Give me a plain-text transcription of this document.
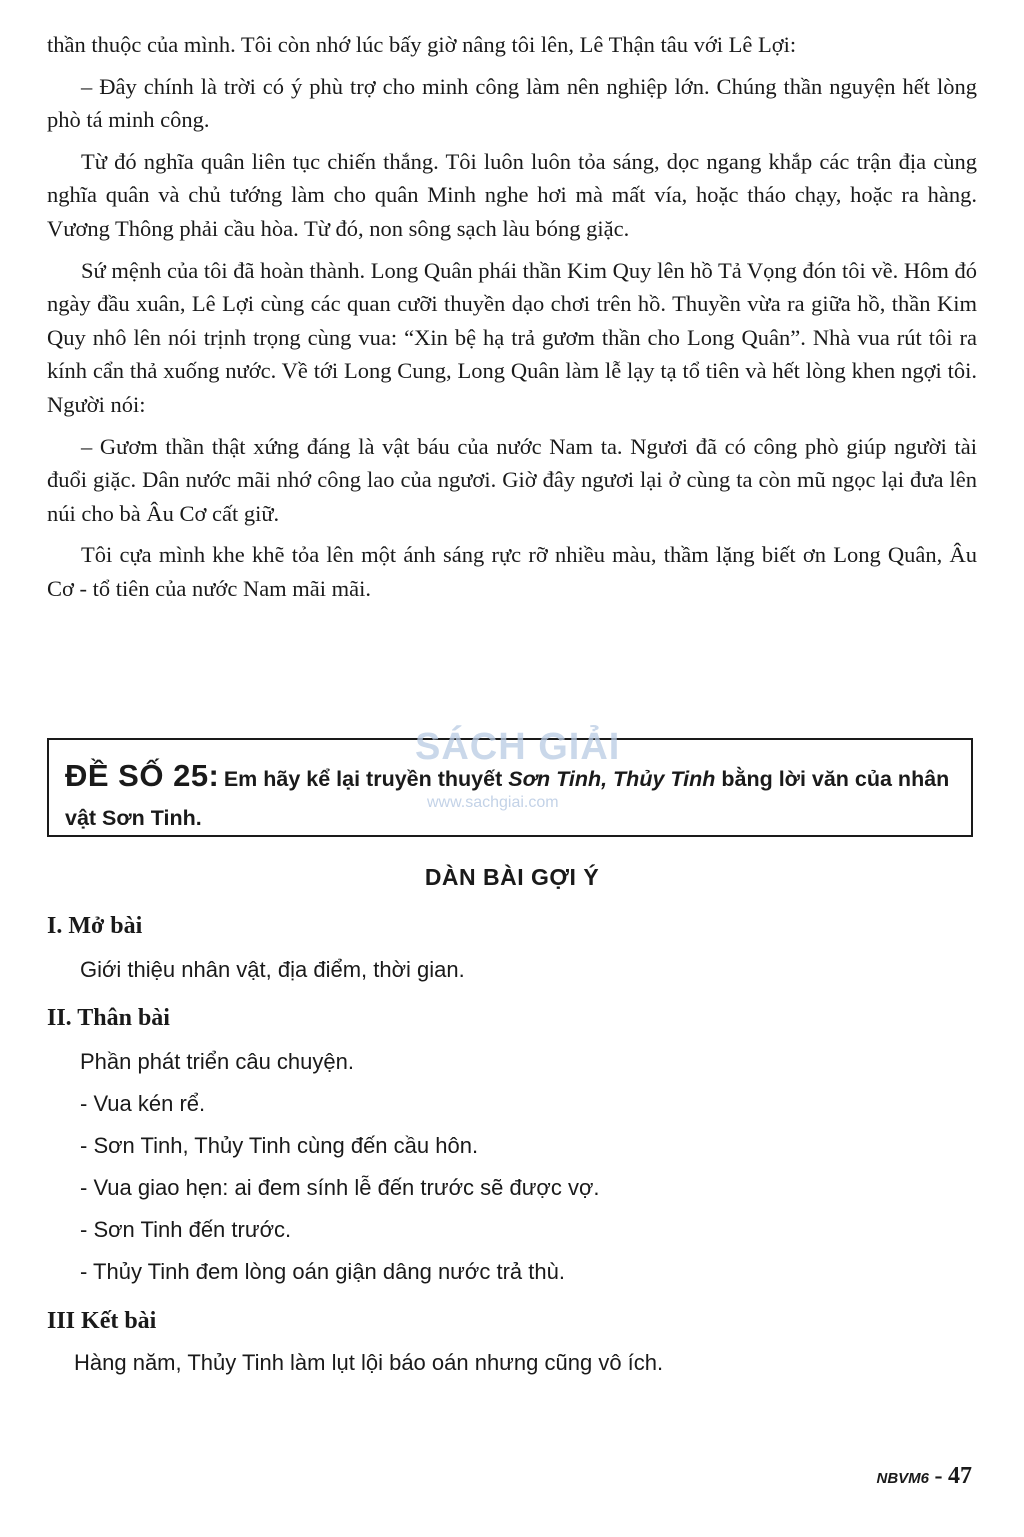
thần thuộc của mình. Tôi còn nhớ lúc bấy giờ nâng tôi lên, Lê Thận tâu với Lê Lợi:

– Đây chính là trời có ý phù trợ cho minh công làm nên nghiệp lớn. Chúng thần nguyện hết lòng phò tá minh công.

Từ đó nghĩa quân liên tục chiến thắng. Tôi luôn luôn tỏa sáng, dọc ngang khắp các trận địa cùng nghĩa quân và chủ tướng làm cho quân Minh nghe hơi mà mất vía, hoặc tháo chạy, hoặc ra hàng. Vương Thông phải cầu hòa. Từ đó, non sông sạch làu bóng giặc.

Sứ mệnh của tôi đã hoàn thành. Long Quân phái thần Kim Quy lên hồ Tả Vọng đón tôi về. Hôm đó ngày đầu xuân, Lê Lợi cùng các quan cưỡi thuyền dạo chơi trên hồ. Thuyền vừa ra giữa hồ, thần Kim Quy nhô lên nói trịnh trọng cùng vua: “Xin bệ hạ trả gươm thần cho Long Quân”. Nhà vua rút tôi ra kính cẩn thả xuống nước. Về tới Long Cung, Long Quân làm lễ lạy tạ tổ tiên và hết lòng khen ngợi tôi. Người nói:

– Gươm thần thật xứng đáng là vật báu của nước Nam ta. Ngươi đã có công phò giúp người tài đuổi giặc. Dân nước mãi nhớ công lao của ngươi. Giờ đây ngươi lại ở cùng ta còn mũ ngọc lại đưa lên núi cho bà Âu Cơ cất giữ.

Tôi cựa mình khe khẽ tỏa lên một ánh sáng rực rỡ nhiều màu, thầm lặng biết ơn Long Quân, Âu Cơ - tổ tiên của nước Nam mãi mãi.

ĐỀ SỐ 25: Em hãy kể lại truyền thuyết Sơn Tinh, Thủy Tinh bằng lời văn của nhân vật Sơn Tinh.
SÁCH GIẢI
www.sachgiai.com
DÀN BÀI GỢI Ý
I. Mở bài
Giới thiệu nhân vật, địa điểm, thời gian.
II. Thân bài
Phần phát triển câu chuyện.
- Vua kén rể.
- Sơn Tinh, Thủy Tinh cùng đến cầu hôn.
- Vua giao hẹn: ai đem sính lễ đến trước sẽ được vợ.
- Sơn Tinh đến trước.
- Thủy Tinh đem lòng oán giận dâng nước trả thù.
III Kết bài
Hàng năm, Thủy Tinh làm lụt lội báo oán nhưng cũng vô ích.
NBVM6 - 47
